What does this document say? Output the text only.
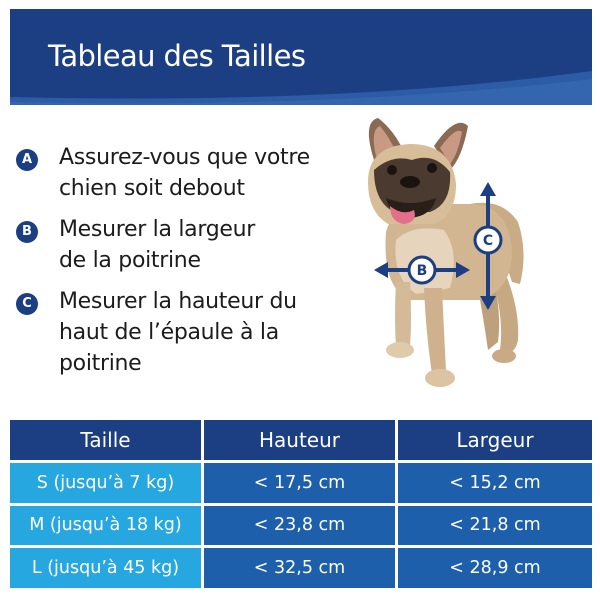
Tableau des Tailles
A Assurez-vous que votre
chien soit debout
B Mesurer la largeur
de la poitrine
C Mesurer la hauteur du
haut de l’épaule à la
poitrine
C
B
Taille	Hauteur	Largeur
S (jusqu’à 7 kg)	< 17,5 cm	< 15,2 cm
M (jusqu’à 18 kg)	< 23,8 cm	< 21,8 cm
L (jusqu’à 45 kg)	< 32,5 cm	< 28,9 cm
